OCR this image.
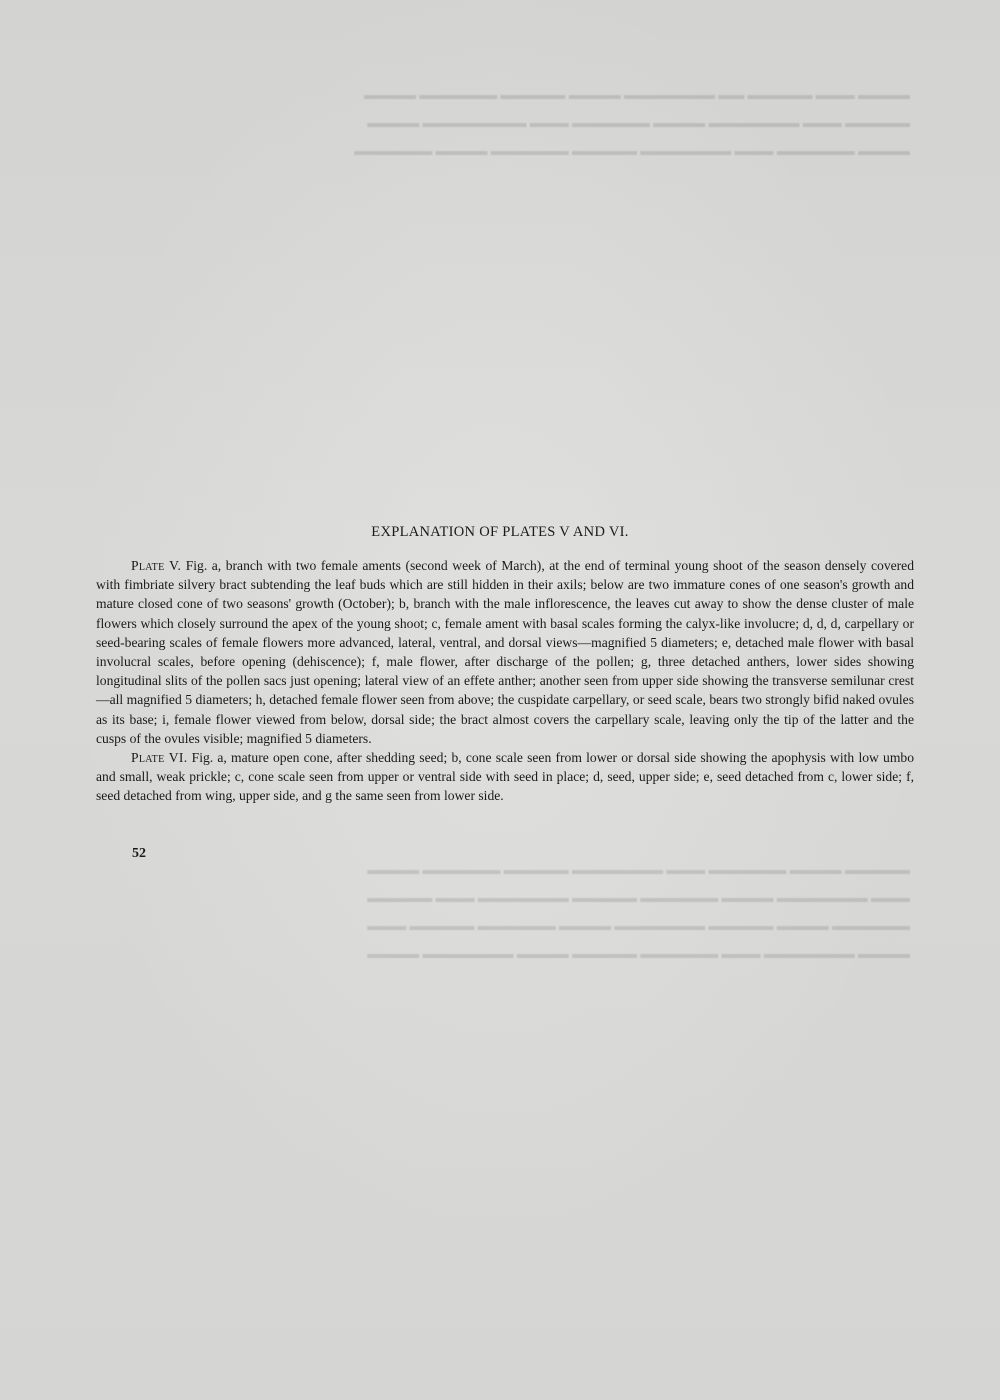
▬▬▬▬ ▬▬▬ ▬▬▬▬▬ ▬▬ ▬▬▬▬▬▬▬ ▬▬▬▬ ▬▬▬▬▬ ▬▬▬▬▬▬ ▬▬▬▬

▬▬▬▬▬ ▬▬▬ ▬▬▬▬▬▬▬ ▬▬▬▬ ▬▬▬▬▬▬ ▬▬▬ ▬▬▬▬▬▬▬▬ ▬▬▬▬

▬▬▬▬ ▬▬▬▬▬▬ ▬▬▬ ▬▬▬▬▬▬▬ ▬▬▬▬▬ ▬▬▬▬▬▬ ▬▬▬▬ ▬▬▬▬▬▬

▬▬▬▬▬ ▬▬▬▬ ▬▬▬▬▬▬ ▬▬▬ ▬▬▬▬▬▬▬ ▬▬▬▬▬ ▬▬▬▬▬▬ ▬▬▬▬

▬▬▬ ▬▬▬▬▬▬▬ ▬▬▬▬ ▬▬▬▬▬▬ ▬▬▬▬▬ ▬▬▬▬▬▬▬ ▬▬▬ ▬▬▬▬▬

▬▬▬▬▬▬ ▬▬▬▬ ▬▬▬▬▬ ▬▬▬▬▬▬▬ ▬▬▬▬ ▬▬▬▬▬▬ ▬▬▬▬▬ ▬▬▬

▬▬▬▬ ▬▬▬▬▬▬▬ ▬▬▬ ▬▬▬▬▬▬ ▬▬▬▬▬ ▬▬▬▬ ▬▬▬▬▬▬▬ ▬▬▬▬

EXPLANATION OF PLATES V AND VI.

Plate V. Fig. a, branch with two female aments (second week of March), at the end of terminal young shoot of the season densely covered with fimbriate silvery bract subtending the leaf buds which are still hidden in their axils; below are two immature cones of one season's growth and mature closed cone of two seasons' growth (October); b, branch with the male inflorescence, the leaves cut away to show the dense cluster of male flowers which closely surround the apex of the young shoot; c, female ament with basal scales forming the calyx-like involucre; d, d, d, carpellary or seed-bearing scales of female flowers more advanced, lateral, ventral, and dorsal views—magnified 5 diameters; e, detached male flower with basal involucral scales, before opening (dehiscence); f, male flower, after discharge of the pollen; g, three detached anthers, lower sides showing longitudinal slits of the pollen sacs just opening; lateral view of an effete anther; another seen from upper side showing the transverse semilunar crest—all magnified 5 diameters; h, detached female flower seen from above; the cuspidate carpellary, or seed scale, bears two strongly bifid naked ovules as its base; i, female flower viewed from below, dorsal side; the bract almost covers the carpellary scale, leaving only the tip of the latter and the cusps of the ovules visible; magnified 5 diameters.

Plate VI. Fig. a, mature open cone, after shedding seed; b, cone scale seen from lower or dorsal side showing the apophysis with low umbo and small, weak prickle; c, cone scale seen from upper or ventral side with seed in place; d, seed, upper side; e, seed detached from c, lower side; f, seed detached from wing, upper side, and g the same seen from lower side.

52
